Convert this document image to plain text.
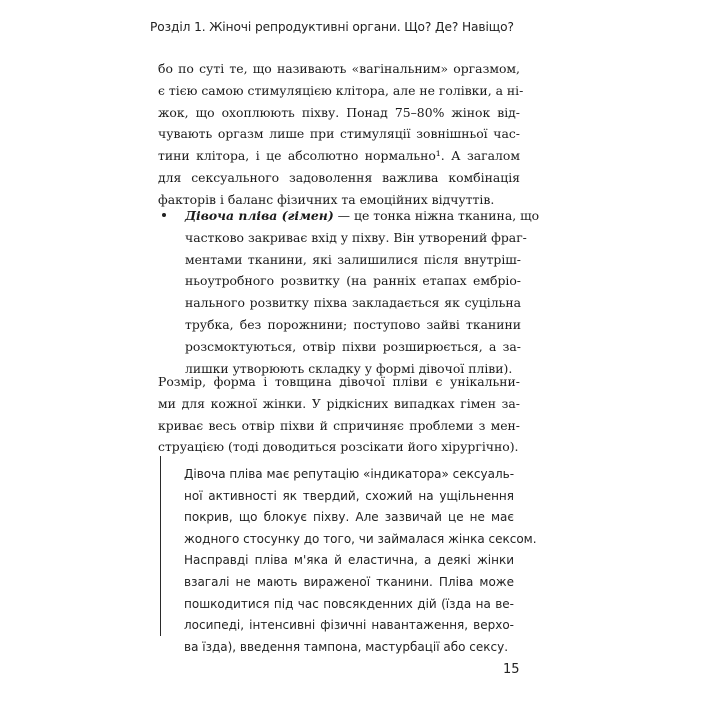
Розділ 1. Жіночі репродуктивні органи. Що? Де? Навіщо?
бо по суті те, що називають «вагінальним» оргазмом,
є тією самою стимуляцією клітора, але не голівки, а ні-
жок, що охоплюють піхву. Понад 75–80% жінок від-
чувають оргазм лише при стимуляції зовнішньої час-
тини клітора, і це абсолютно нормально¹. А загалом
для сексуального задоволення важлива комбінація
факторів і баланс фізичних та емоційних відчуттів.
Дівоча пліва (гімен) — це тонка ніжна тканина, що
частково закриває вхід у піхву. Він утворений фраг-
ментами тканини, які залишилися після внутріш-
ньоутробного розвитку (на ранніх етапах ембріо-
нального розвитку піхва закладається як суцільна
трубка, без порожнини; поступово зайві тканини
розсмоктуються, отвір піхви розширюється, а за-
лишки утворюють складку у формі дівочої пліви).
Розмір, форма і товщина дівочої пліви є унікальни-
ми для кожної жінки. У рідкісних випадках гімен за-
криває весь отвір піхви й спричиняє проблеми з мен-
струацією (тоді доводиться розсікати його хірургічно).
Дівоча пліва має репутацію «індикатора» сексуаль-
ної активності як твердий, схожий на ущільнення
покрив, що блокує піхву. Але зазвичай це не має
жодного стосунку до того, чи займалася жінка сексом.
Насправді пліва м'яка й еластична, а деякі жінки
взагалі не мають вираженої тканини. Пліва може
пошкодитися під час повсякденних дій (їзда на ве-
лосипеді, інтенсивні фізичні навантаження, верхо-
ва їзда), введення тампона, мастурбації або сексу.
15
